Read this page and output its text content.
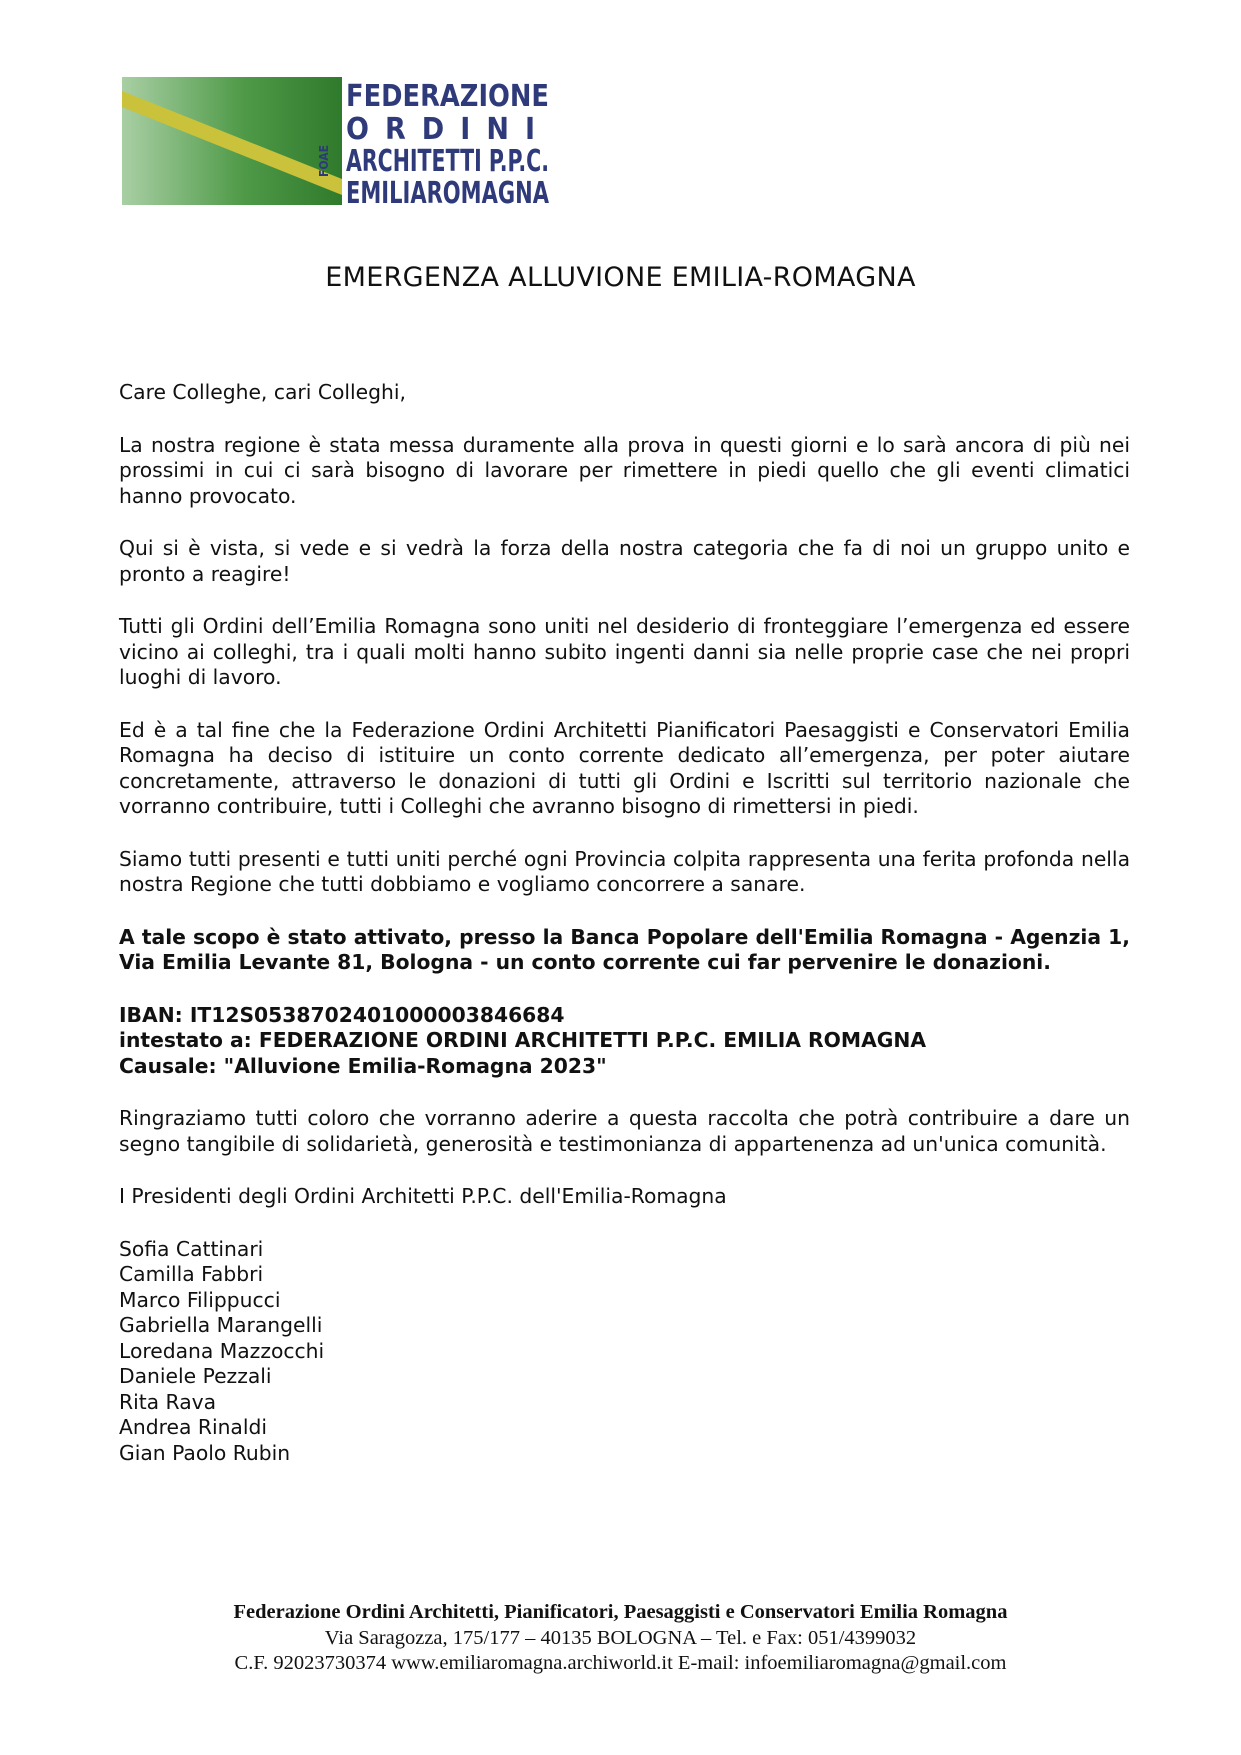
FOAE
FEDERAZIONE
ORDINI
ARCHITETTI P.P.C.
EMILIAROMAGNA
EMERGENZA ALLUVIONE EMILIA-ROMAGNA

Care Colleghe, cari Colleghi,

La nostra regione è stata messa duramente alla prova in questi giorni e lo sarà ancora di più nei prossimi in cui ci sarà bisogno di lavorare per rimettere in piedi quello che gli eventi climatici hanno provocato.

Qui si è vista, si vede e si vedrà la forza della nostra categoria che fa di noi un gruppo unito e pronto a reagire!

Tutti gli Ordini dell’Emilia Romagna sono uniti nel desiderio di fronteggiare l’emergenza ed essere vicino ai colleghi, tra i quali molti hanno subito ingenti danni sia nelle proprie case che nei propri luoghi di lavoro.

Ed è a tal fine che la Federazione Ordini Architetti Pianificatori Paesaggisti e Conservatori Emilia Romagna ha deciso di istituire un conto corrente dedicato all’emergenza, per poter aiutare concretamente, attraverso le donazioni di tutti gli Ordini e Iscritti sul territorio nazionale che vorranno contribuire, tutti i Colleghi che avranno bisogno di rimettersi in piedi.

Siamo tutti presenti e tutti uniti perché ogni Provincia colpita rappresenta una ferita profonda nella nostra Regione che tutti dobbiamo e vogliamo concorrere a sanare.

A tale scopo è stato attivato, presso la Banca Popolare dell'Emilia Romagna - Agenzia 1, Via Emilia Levante 81, Bologna - un conto corrente cui far pervenire le donazioni.

IBAN: IT12S0538702401000003846684
intestato a: FEDERAZIONE ORDINI ARCHITETTI P.P.C. EMILIA ROMAGNA
Causale: "Alluvione Emilia-Romagna 2023"

Ringraziamo tutti coloro che vorranno aderire a questa raccolta che potrà contribuire a dare un segno tangibile di solidarietà, generosità e testimonianza di appartenenza ad un'unica comunità.

I Presidenti degli Ordini Architetti P.P.C. dell'Emilia-Romagna

Sofia Cattinari
Camilla Fabbri
Marco Filippucci
Gabriella Marangelli
Loredana Mazzocchi
Daniele Pezzali
Rita Rava
Andrea Rinaldi
Gian Paolo Rubin
Federazione Ordini Architetti, Pianificatori, Paesaggisti e Conservatori Emilia Romagna
Via Saragozza, 175/177 – 40135 BOLOGNA – Tel. e Fax: 051/4399032
C.F. 92023730374 www.emiliaromagna.archiworld.it E-mail: infoemiliaromagna@gmail.com
